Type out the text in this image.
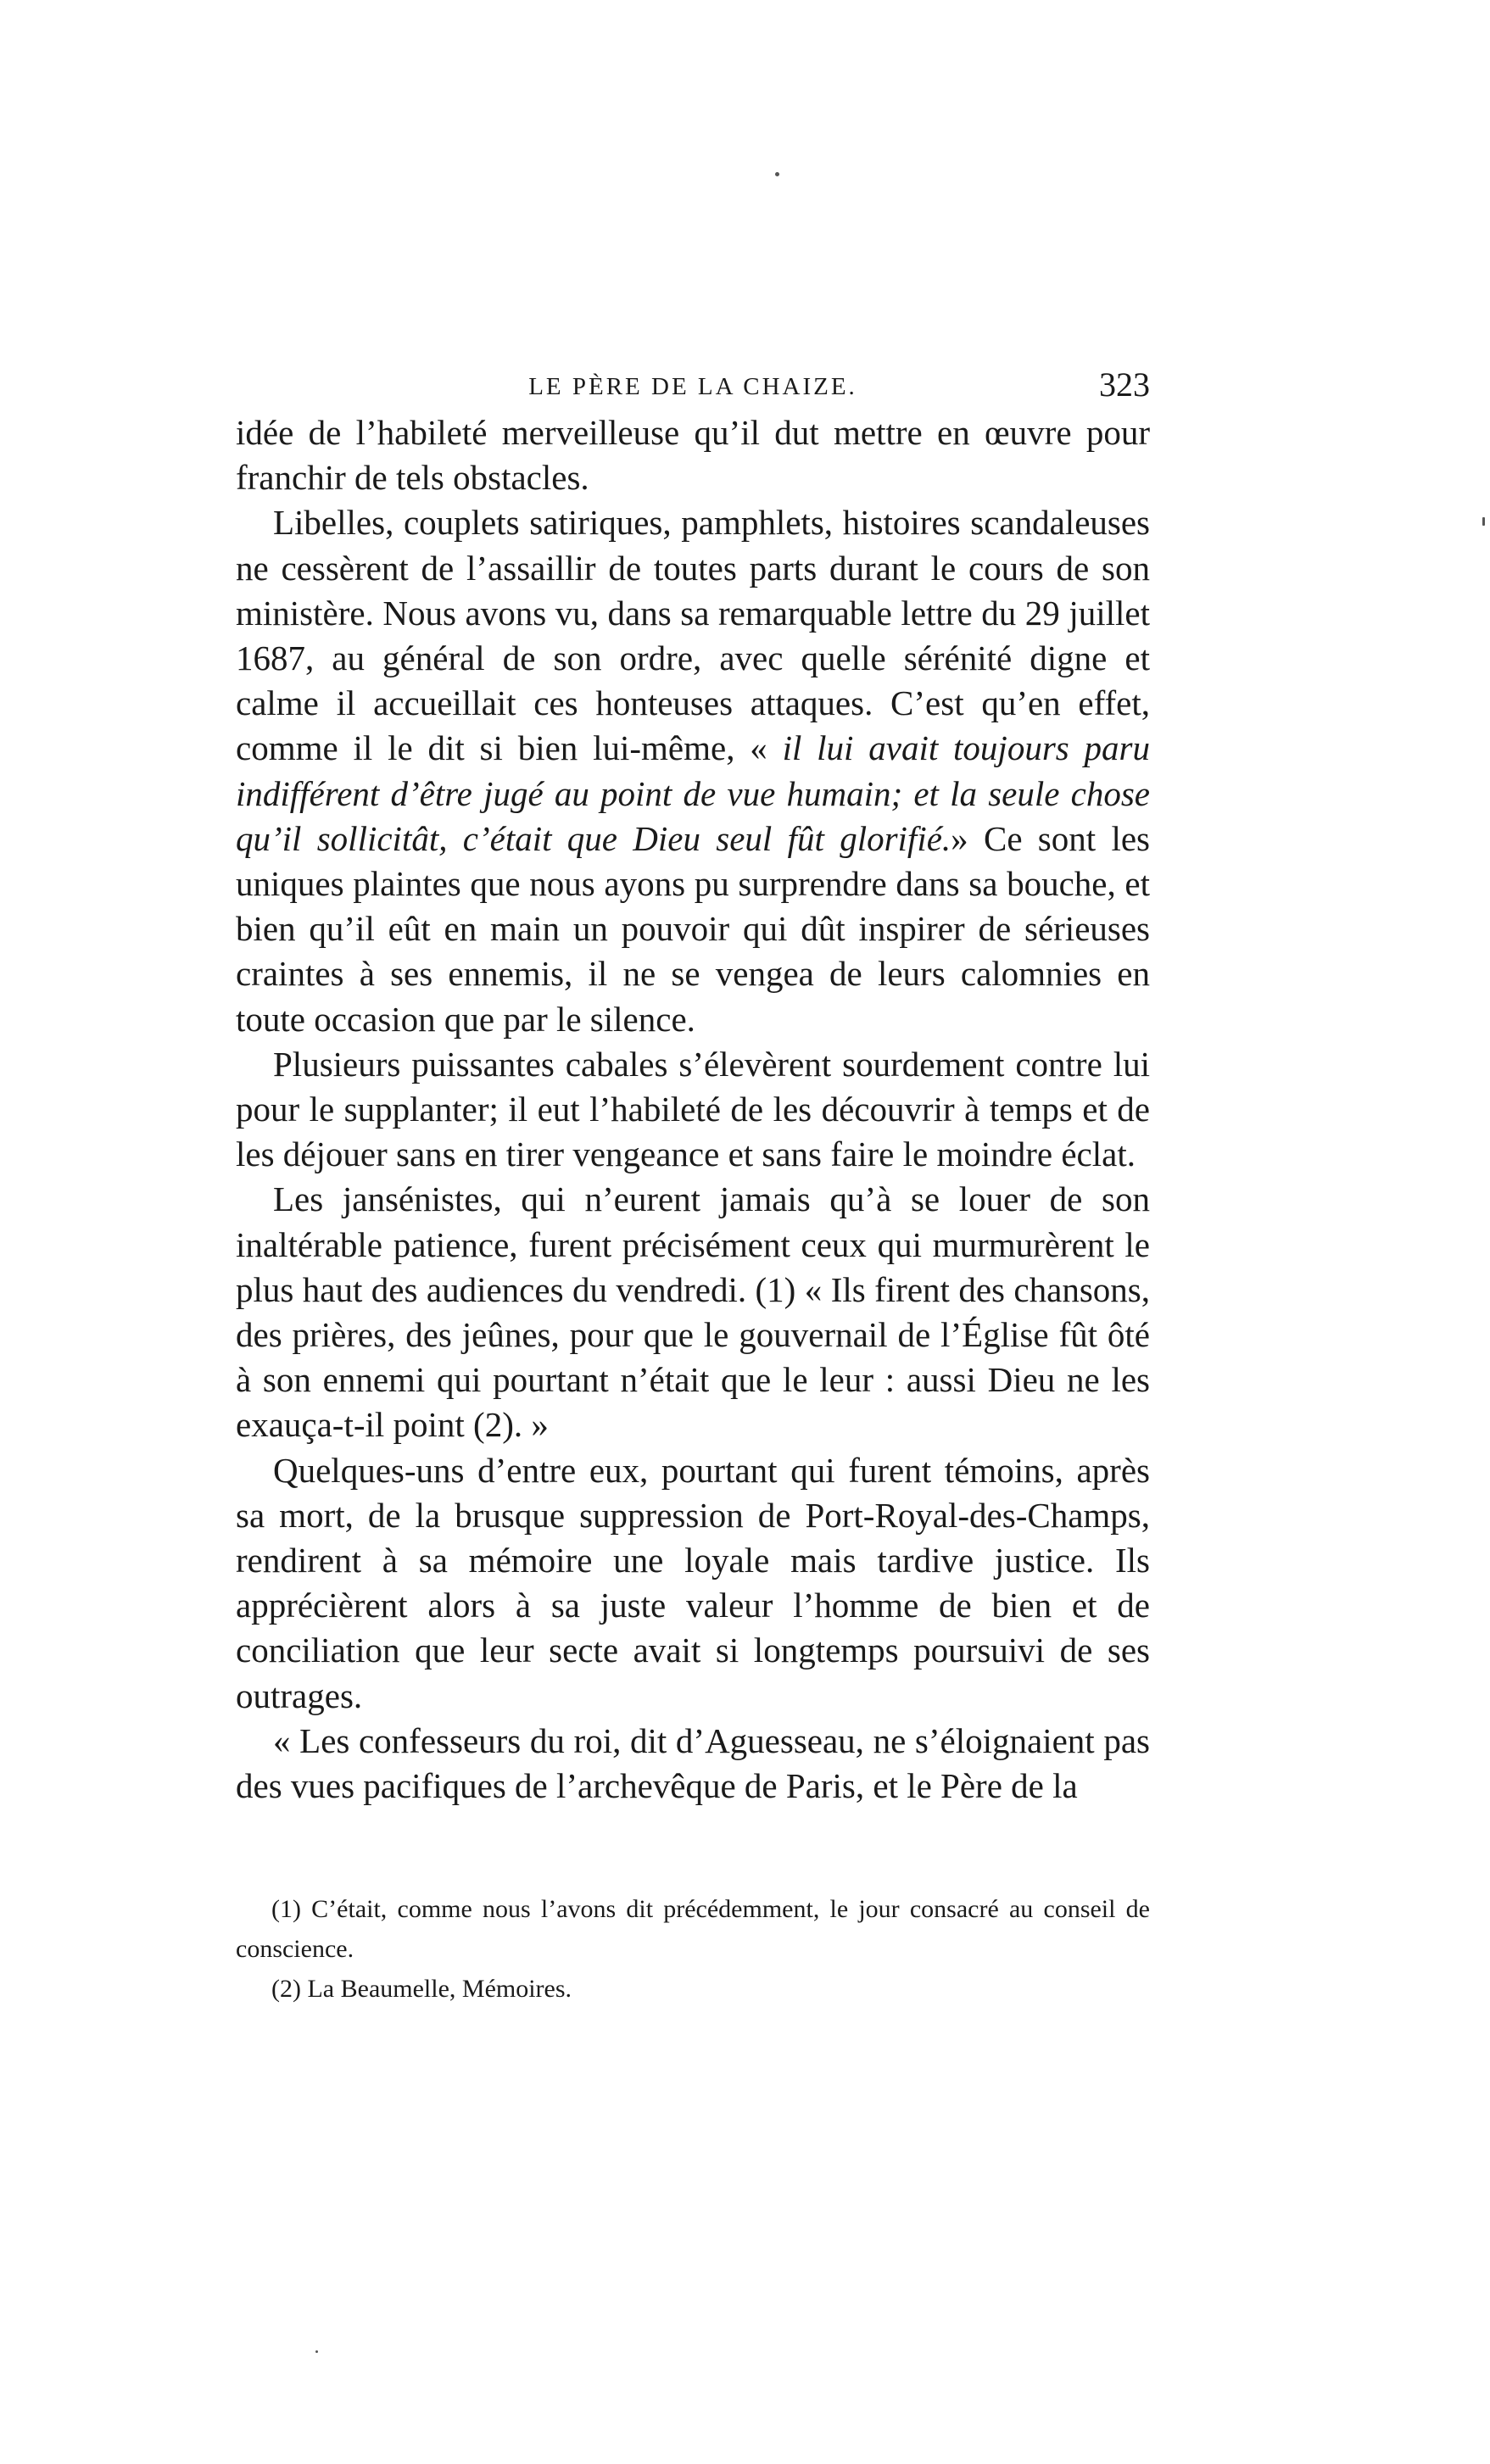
LE PÈRE DE LA CHAIZE.	323

idée de l’habileté merveilleuse qu’il dut mettre en œuvre pour franchir de tels obstacles.

Libelles, couplets satiriques, pamphlets, histoires scandaleuses ne cessèrent de l’assaillir de toutes parts durant le cours de son ministère. Nous avons vu, dans sa remarquable lettre du 29 juillet 1687, au général de son ordre, avec quelle sérénité digne et calme il accueillait ces honteuses attaques. C’est qu’en effet, comme il le dit si bien lui-même, « il lui avait toujours paru indifférent d’être jugé au point de vue humain; et la seule chose qu’il sollicitât, c’était que Dieu seul fût glorifié.» Ce sont les uniques plaintes que nous ayons pu surprendre dans sa bouche, et bien qu’il eût en main un pouvoir qui dût inspirer de sérieuses craintes à ses ennemis, il ne se vengea de leurs calomnies en toute occasion que par le silence.

Plusieurs puissantes cabales s’élevèrent sourdement contre lui pour le supplanter; il eut l’habileté de les découvrir à temps et de les déjouer sans en tirer vengeance et sans faire le moindre éclat.

Les jansénistes, qui n’eurent jamais qu’à se louer de son inaltérable patience, furent précisément ceux qui murmurèrent le plus haut des audiences du vendredi. (1) « Ils firent des chansons, des prières, des jeûnes, pour que le gouvernail de l’Église fût ôté à son ennemi qui pourtant n’était que le leur : aussi Dieu ne les exauça-t-il point (2). »

Quelques-uns d’entre eux, pourtant qui furent témoins, après sa mort, de la brusque suppression de Port-Royal-des-Champs, rendirent à sa mémoire une loyale mais tardive justice. Ils apprécièrent alors à sa juste valeur l’homme de bien et de conciliation que leur secte avait si longtemps poursuivi de ses outrages.

« Les confesseurs du roi, dit d’Aguesseau, ne s’éloignaient pas des vues pacifiques de l’archevêque de Paris, et le Père de la

(1) C’était, comme nous l’avons dit précédemment, le jour consacré au conseil de conscience.

(2) La Beaumelle, Mémoires.
